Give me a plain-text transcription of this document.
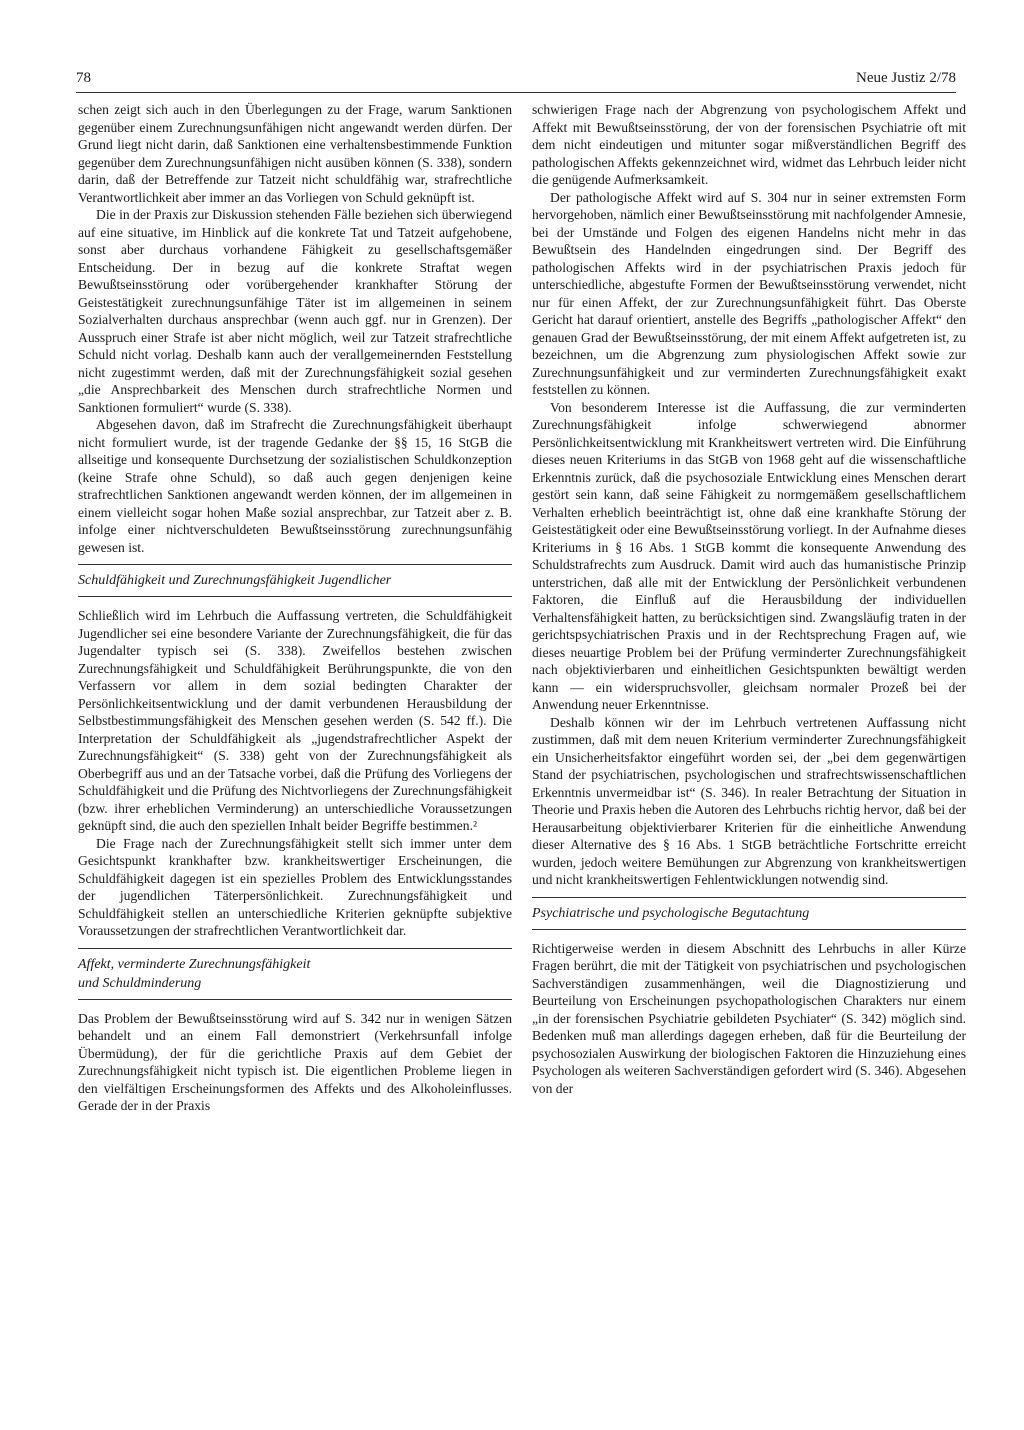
78	Neue Justiz 2/78

schen zeigt sich auch in den Überlegungen zu der Frage, warum Sanktionen gegenüber einem Zurechnungsunfähigen nicht angewandt werden dürfen. Der Grund liegt nicht darin, daß Sanktionen eine verhaltensbestimmende Funktion gegenüber dem Zurechnungsunfähigen nicht ausüben können (S. 338), sondern darin, daß der Betreffende zur Tatzeit nicht schuldfähig war, strafrechtliche Verantwortlichkeit aber immer an das Vorliegen von Schuld geknüpft ist.

Die in der Praxis zur Diskussion stehenden Fälle beziehen sich überwiegend auf eine situative, im Hinblick auf die konkrete Tat und Tatzeit aufgehobene, sonst aber durchaus vorhandene Fähigkeit zu gesellschaftsgemäßer Entscheidung. Der in bezug auf die konkrete Straftat wegen Bewußtseinsstörung oder vorübergehender krankhafter Störung der Geistestätigkeit zurechnungsunfähige Täter ist im allgemeinen in seinem Sozialverhalten durchaus ansprechbar (wenn auch ggf. nur in Grenzen). Der Ausspruch einer Strafe ist aber nicht möglich, weil zur Tatzeit strafrechtliche Schuld nicht vorlag. Deshalb kann auch der verallgemeinernden Feststellung nicht zugestimmt werden, daß mit der Zurechnungsfähigkeit sozial gesehen „die Ansprechbarkeit des Menschen durch strafrechtliche Normen und Sanktionen formuliert“ wurde (S. 338).

Abgesehen davon, daß im Strafrecht die Zurechnungsfähigkeit überhaupt nicht formuliert wurde, ist der tragende Gedanke der §§ 15, 16 StGB die allseitige und konsequente Durchsetzung der sozialistischen Schuldkonzeption (keine Strafe ohne Schuld), so daß auch gegen denjenigen keine strafrechtlichen Sanktionen angewandt werden können, der im allgemeinen in einem vielleicht sogar hohen Maße sozial ansprechbar, zur Tatzeit aber z. B. infolge einer nichtverschuldeten Bewußtseinsstörung zurechnungsunfähig gewesen ist.

Schuldfähigkeit und Zurechnungsfähigkeit Jugendlicher

Schließlich wird im Lehrbuch die Auffassung vertreten, die Schuldfähigkeit Jugendlicher sei eine besondere Variante der Zurechnungsfähigkeit, die für das Jugendalter typisch sei (S. 338). Zweifellos bestehen zwischen Zurechnungsfähigkeit und Schuldfähigkeit Berührungspunkte, die von den Verfassern vor allem in dem sozial bedingten Charakter der Persönlichkeitsentwicklung und der damit verbundenen Herausbildung der Selbstbestimmungsfähigkeit des Menschen gesehen werden (S. 542 ff.). Die Interpretation der Schuldfähigkeit als „jugendstrafrechtlicher Aspekt der Zurechnungsfähigkeit“ (S. 338) geht von der Zurechnungsfähigkeit als Oberbegriff aus und an der Tatsache vorbei, daß die Prüfung des Vorliegens der Schuldfähigkeit und die Prüfung des Nichtvorliegens der Zurechnungsfähigkeit (bzw. ihrer erheblichen Verminderung) an unterschiedliche Voraussetzungen geknüpft sind, die auch den speziellen Inhalt beider Begriffe bestimmen.²

Die Frage nach der Zurechnungsfähigkeit stellt sich immer unter dem Gesichtspunkt krankhafter bzw. krankheitswertiger Erscheinungen, die Schuldfähigkeit dagegen ist ein spezielles Problem des Entwicklungsstandes der jugendlichen Täterpersönlichkeit. Zurechnungsfähigkeit und Schuldfähigkeit stellen an unterschiedliche Kriterien geknüpfte subjektive Voraussetzungen der strafrechtlichen Verantwortlichkeit dar.

Affekt, verminderte Zurechnungsfähigkeit
und Schuldminderung

Das Problem der Bewußtseinsstörung wird auf S. 342 nur in wenigen Sätzen behandelt und an einem Fall demonstriert (Verkehrsunfall infolge Übermüdung), der für die gerichtliche Praxis auf dem Gebiet der Zurechnungsfähigkeit nicht typisch ist. Die eigentlichen Probleme liegen in den vielfältigen Erscheinungsformen des Affekts und des Alkoholeinflusses. Gerade der in der Praxis

schwierigen Frage nach der Abgrenzung von psychologischem Affekt und Affekt mit Bewußtseinsstörung, der von der forensischen Psychiatrie oft mit dem nicht eindeutigen und mitunter sogar mißverständlichen Begriff des pathologischen Affekts gekennzeichnet wird, widmet das Lehrbuch leider nicht die genügende Aufmerksamkeit.

Der pathologische Affekt wird auf S. 304 nur in seiner extremsten Form hervorgehoben, nämlich einer Bewußtseinsstörung mit nachfolgender Amnesie, bei der Umstände und Folgen des eigenen Handelns nicht mehr in das Bewußtsein des Handelnden eingedrungen sind. Der Begriff des pathologischen Affekts wird in der psychiatrischen Praxis jedoch für unterschiedliche, abgestufte Formen der Bewußtseinsstörung verwendet, nicht nur für einen Affekt, der zur Zurechnungsunfähigkeit führt. Das Oberste Gericht hat darauf orientiert, anstelle des Begriffs „pathologischer Affekt“ den genauen Grad der Bewußtseinsstörung, der mit einem Affekt aufgetreten ist, zu bezeichnen, um die Abgrenzung zum physiologischen Affekt sowie zur Zurechnungsunfähigkeit und zur verminderten Zurechnungsfähigkeit exakt feststellen zu können.

Von besonderem Interesse ist die Auffassung, die zur verminderten Zurechnungsfähigkeit infolge schwerwiegend abnormer Persönlichkeitsentwicklung mit Krankheitswert vertreten wird. Die Einführung dieses neuen Kriteriums in das StGB von 1968 geht auf die wissenschaftliche Erkenntnis zurück, daß die psychosoziale Entwicklung eines Menschen derart gestört sein kann, daß seine Fähigkeit zu normgemäßem gesellschaftlichem Verhalten erheblich beeinträchtigt ist, ohne daß eine krankhafte Störung der Geistestätigkeit oder eine Bewußtseinsstörung vorliegt. In der Aufnahme dieses Kriteriums in § 16 Abs. 1 StGB kommt die konsequente Anwendung des Schuldstrafrechts zum Ausdruck. Damit wird auch das humanistische Prinzip unterstrichen, daß alle mit der Entwicklung der Persönlichkeit verbundenen Faktoren, die Einfluß auf die Herausbildung der individuellen Verhaltensfähigkeit hatten, zu berücksichtigen sind. Zwangsläufig traten in der gerichtspsychiatrischen Praxis und in der Rechtsprechung Fragen auf, wie dieses neuartige Problem bei der Prüfung verminderter Zurechnungsfähigkeit nach objektivierbaren und einheitlichen Gesichtspunkten bewältigt werden kann — ein widerspruchsvoller, gleichsam normaler Prozeß bei der Anwendung neuer Erkenntnisse.

Deshalb können wir der im Lehrbuch vertretenen Auffassung nicht zustimmen, daß mit dem neuen Kriterium verminderter Zurechnungsfähigkeit ein Unsicherheitsfaktor eingeführt worden sei, der „bei dem gegenwärtigen Stand der psychiatrischen, psychologischen und strafrechtswissenschaftlichen Erkenntnis unvermeidbar ist“ (S. 346). In realer Betrachtung der Situation in Theorie und Praxis heben die Autoren des Lehrbuchs richtig hervor, daß bei der Herausarbeitung objektivierbarer Kriterien für die einheitliche Anwendung dieser Alternative des § 16 Abs. 1 StGB beträchtliche Fortschritte erreicht wurden, jedoch weitere Bemühungen zur Abgrenzung von krankheitswertigen und nicht krankheitswertigen Fehlentwicklungen notwendig sind.

Psychiatrische und psychologische Begutachtung

Richtigerweise werden in diesem Abschnitt des Lehrbuchs in aller Kürze Fragen berührt, die mit der Tätigkeit von psychiatrischen und psychologischen Sachverständigen zusammenhängen, weil die Diagnostizierung und Beurteilung von Erscheinungen psychopathologischen Charakters nur einem „in der forensischen Psychiatrie gebildeten Psychiater“ (S. 342) möglich sind. Bedenken muß man allerdings dagegen erheben, daß für die Beurteilung der psychosozialen Auswirkung der biologischen Faktoren die Hinzuziehung eines Psychologen als weiteren Sachverständigen gefordert wird (S. 346). Abgesehen von der
